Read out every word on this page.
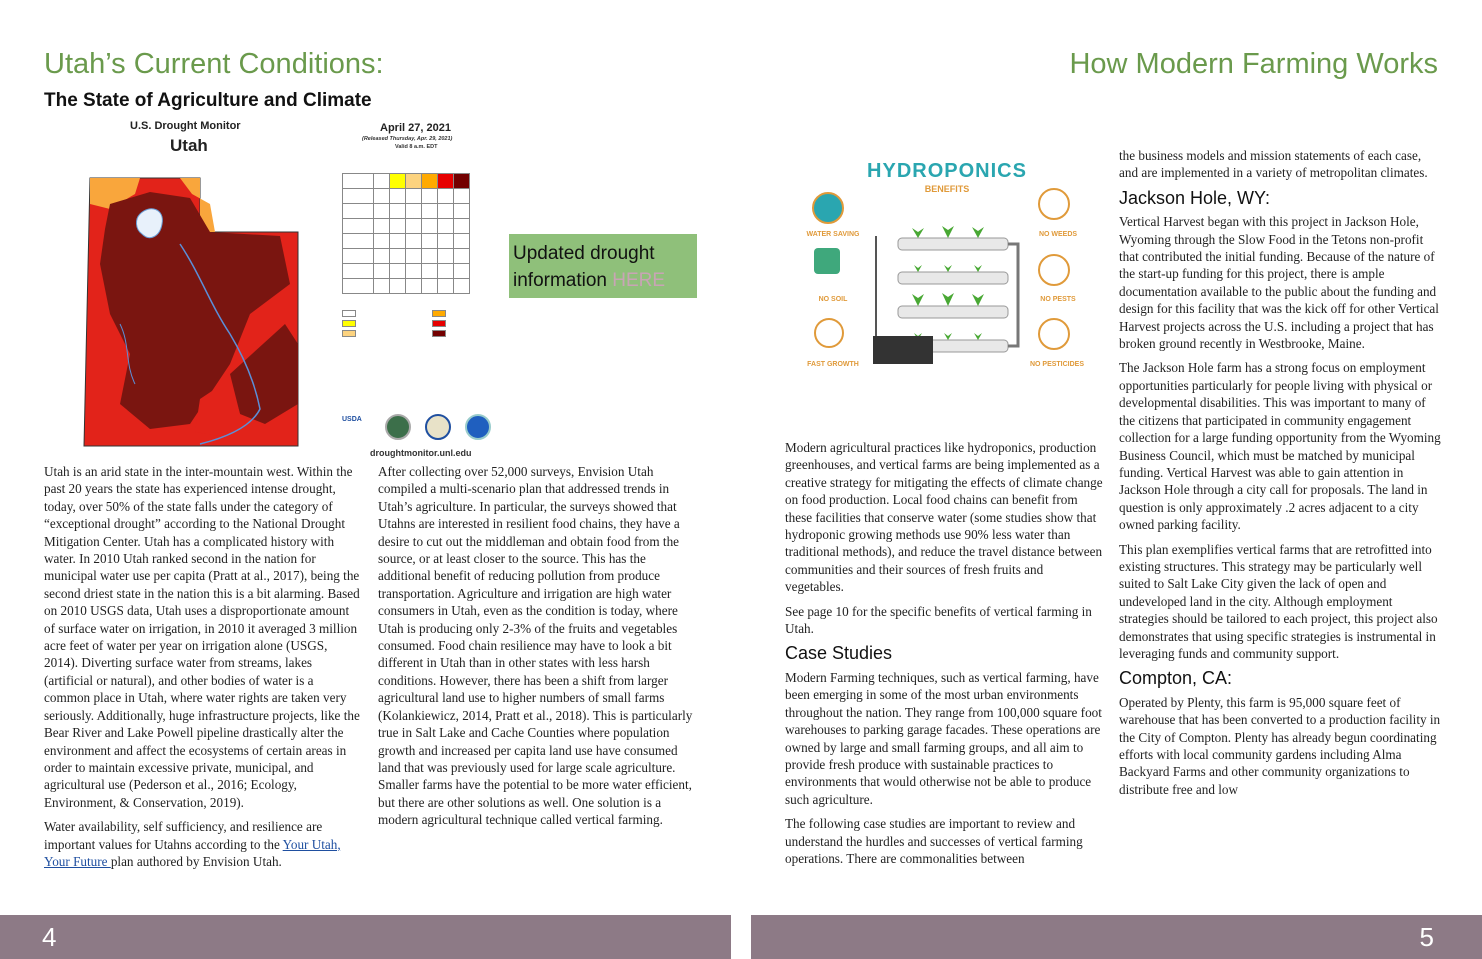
Utah’s Current Conditions:
The State of Agriculture and Climate
U.S. Drought Monitor
Utah
April 27, 2021
(Released Thursday, Apr. 29, 2021)
Valid 8 a.m. EDT

USDA
droughtmonitor.unl.edu
Updated drought information HERE

Utah is an arid state in the inter-mountain west. Within the past 20 years the state has experienced intense drought, today, over 50% of the state falls under the category of “exceptional drought” according to the National Drought Mitigation Center. Utah has a complicated history with water. In 2010 Utah ranked second in the nation for municipal water use per capita (Pratt at al., 2017), being the second driest state in the nation this is a bit alarming. Based on 2010 USGS data, Utah uses a disproportionate amount of surface water on irrigation, in 2010 it averaged 3 million acre feet of water per year on irrigation alone (USGS, 2014). Diverting surface water from streams, lakes (artificial or natural), and other bodies of water is a common place in Utah, where water rights are taken very seriously. Additionally, huge infrastructure projects, like the Bear River and Lake Powell pipeline drastically alter the environment and affect the ecosystems of certain areas in order to maintain excessive private, municipal, and agricultural use (Pederson et al., 2016; Ecology, Environment, & Conservation, 2019).

Water availability, self sufficiency, and resilience are important values for Utahns according to the Your Utah, Your Future plan authored by Envision Utah.

After collecting over 52,000 surveys, Envision Utah compiled a multi-scenario plan that addressed trends in Utah’s agriculture. In particular, the surveys showed that Utahns are interested in resilient food chains, they have a desire to cut out the middleman and obtain food from the source, or at least closer to the source. This has the additional benefit of reducing pollution from produce transportation. Agriculture and irrigation are high water consumers in Utah, even as the condition is today, where Utah is producing only 2-3% of the fruits and vegetables consumed. Food chain resilience may have to look a bit different in Utah than in other states with less harsh conditions. However, there has been a shift from larger agricultural land use to higher numbers of small farms (Kolankiewicz, 2014, Pratt et al., 2018). This is particularly true in Salt Lake and Cache Counties where population growth and increased per capita land use have consumed land that was previously used for large scale agriculture. Smaller farms have the potential to be more water efficient, but there are other solutions as well. One solution is a modern agricultural technique called vertical farming.

4
How Modern Farming Works
HYDROPONICS
BENEFITS
WATER SAVING
NO SOIL
FAST GROWTH
NO WEEDS
NO PESTS
NO PESTICIDES

Modern agricultural practices like hydroponics, production greenhouses, and vertical farms are being implemented as a creative strategy for mitigating the effects of climate change on food production. Local food chains can benefit from these facilities that conserve water (some studies show that hydroponic growing methods use 90% less water than traditional methods), and reduce the travel distance between communities and their sources of fresh fruits and vegetables.

See page 10 for the specific benefits of vertical farming in Utah.

Case Studies

Modern Farming techniques, such as vertical farming, have been emerging in some of the most urban environments throughout the nation. They range from 100,000 square foot warehouses to parking garage facades. These operations are owned by large and small farming groups, and all aim to provide fresh produce with sustainable practices to environments that would otherwise not be able to produce such agriculture.

The following case studies are important to review and understand the hurdles and successes of vertical farming operations. There are commonalities between

the business models and mission statements of each case, and are implemented in a variety of metropolitan climates.

Jackson Hole, WY:

Vertical Harvest began with this project in Jackson Hole, Wyoming through the Slow Food in the Tetons non-profit that contributed the initial funding. Because of the nature of the start-up funding for this project, there is ample documentation available to the public about the funding and design for this facility that was the kick off for other Vertical Harvest projects across the U.S. including a project that has broken ground recently in Westbrooke, Maine.

The Jackson Hole farm has a strong focus on employment opportunities particularly for people living with physical or developmental disabilities. This was important to many of the citizens that participated in community engagement collection for a large funding opportunity from the Wyoming Business Council, which must be matched by municipal funding. Vertical Harvest was able to gain attention in Jackson Hole through a city call for proposals. The land in question is only approximately .2 acres adjacent to a city owned parking facility.

This plan exemplifies vertical farms that are retrofitted into existing structures. This strategy may be particularly well suited to Salt Lake City given the lack of open and undeveloped land in the city. Although employment strategies should be tailored to each project, this project also demonstrates that using specific strategies is instrumental in leveraging funds and community support.

Compton, CA:

Operated by Plenty, this farm is 95,000 square feet of warehouse that has been converted to a production facility in the City of Compton. Plenty has already begun coordinating efforts with local community gardens including Alma Backyard Farms and other community organizations to distribute free and low

5
